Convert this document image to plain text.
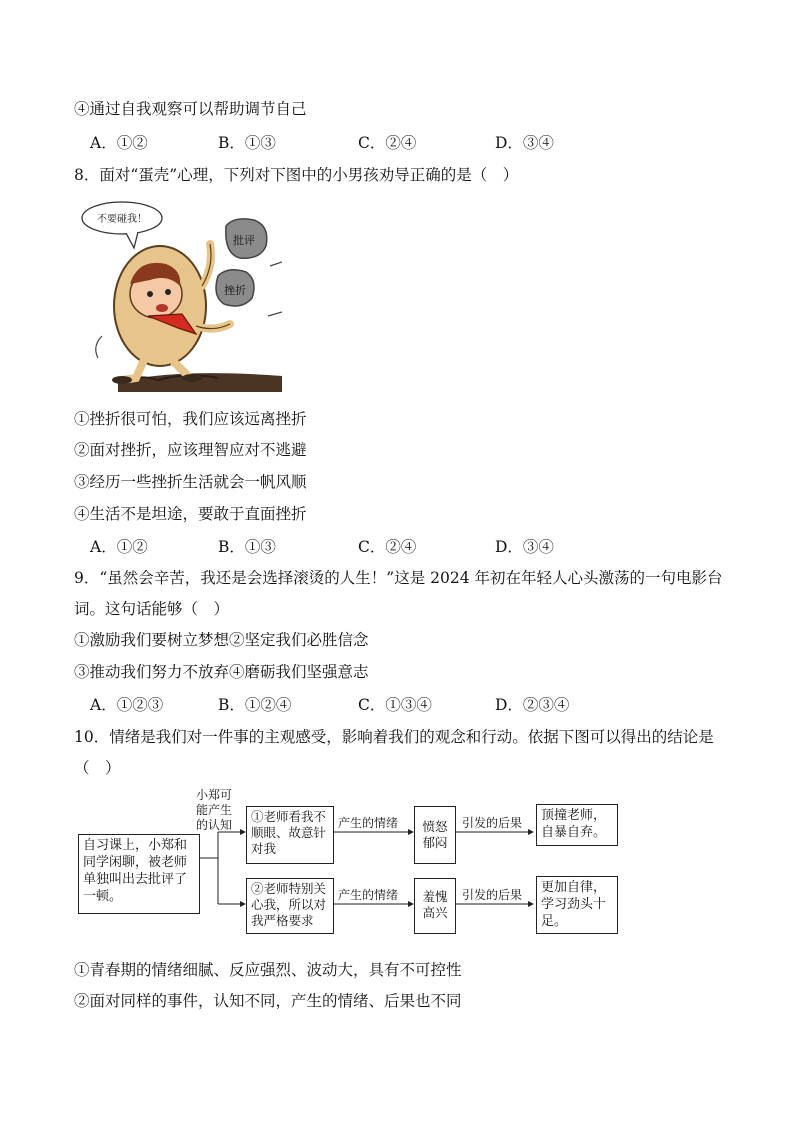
④通过自我观察可以帮助调节自己
A．①②	B．①③	C．②④	D．③④
8．面对“蛋壳”心理，下列对下图中的小男孩劝导正确的是（　）
不要碰我！
批评
挫折
①挫折很可怕，我们应该远离挫折
②面对挫折，应该理智应对不逃避
③经历一些挫折生活就会一帆风顺
④生活不是坦途，要敢于直面挫折
A．①②	B．①③	C．②④	D．③④
9．“虽然会辛苦，我还是会选择滚烫的人生！”这是 2024 年初在年轻人心头激荡的一句电影台
词。这句话能够（　）
①激励我们要树立梦想②坚定我们必胜信念
③推动我们努力不放弃④磨砺我们坚强意志
A．①②③	B．①②④	C．①③④	D．②③④
10．情绪是我们对一件事的主观感受，影响着我们的观念和行动。依据下图可以得出的结论是
（　）
小郑可能产生的认知
自习课上，小郑和同学闲聊，被老师单独叫出去批评了一顿。
①老师看我不顺眼、故意针对我
②老师特别关心我，所以对我严格要求
产生的情绪
产生的情绪
愤怒郁闷
羞愧高兴
引发的后果
引发的后果
顶撞老师，自暴自弃。
更加自律，学习劲头十足。
①青春期的情绪细腻、反应强烈、波动大，具有不可控性
②面对同样的事件，认知不同，产生的情绪、后果也不同
